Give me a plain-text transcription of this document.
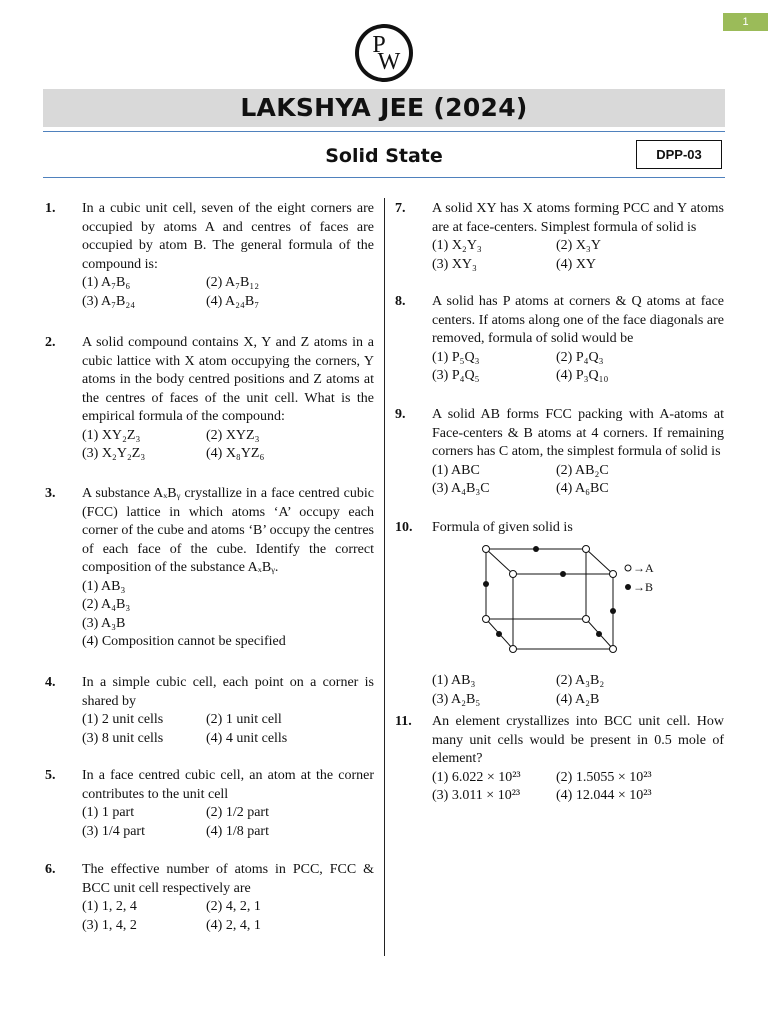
1
P
W
LAKSHYA JEE (2024)
Solid State	DPP-03
1. In a cubic unit cell, seven of the eight corners are occupied by atoms A and centres of faces are occupied by atom B. The general formula of the compound is:
(1) A₇B₆	(2) A₇B₁₂
(3) A₇B₂₄	(4) A₂₄B₇
2. A solid compound contains X, Y and Z atoms in a cubic lattice with X atom occupying the corners, Y atoms in the body centred positions and Z atoms at the centres of faces of the unit cell. What is the empirical formula of the compound:
(1) XY₂Z₃	(2) XYZ₃
(3) X₂Y₂Z₃	(4) X₈YZ₆
3. A substance AₓBᵧ crystallize in a face centred cubic (FCC) lattice in which atoms ‘A’ occupy each corner of the cube and atoms ‘B’ occupy the centres of each face of the cube. Identify the correct composition of the substance AₓBᵧ.
(1) AB₃
(2) A₄B₃
(3) A₃B
(4) Composition cannot be specified
4. In a simple cubic cell, each point on a corner is shared by
(1) 2 unit cells	(2) 1 unit cell
(3) 8 unit cells	(4) 4 unit cells
5. In a face centred cubic cell, an atom at the corner contributes to the unit cell
(1) 1 part	(2) 1/2 part
(3) 1/4 part	(4) 1/8 part
6. The effective number of atoms in PCC, FCC & BCC unit cell respectively are
(1) 1, 2, 4	(2) 4, 2, 1
(3) 1, 4, 2	(4) 2, 4, 1
7. A solid XY has X atoms forming PCC and Y atoms are at face-centers. Simplest formula of solid is
(1) X₂Y₃	(2) X₃Y
(3) XY₃	(4) XY
8. A solid has P atoms at corners & Q atoms at face centers. If atoms along one of the face diagonals are removed, formula of solid would be
(1) P₅Q₃	(2) P₄Q₃
(3) P₄Q₅	(4) P₃Q₁₀
9. A solid AB forms FCC packing with A-atoms at Face-centers & B atoms at 4 corners. If remaining corners has C atom, the simplest formula of solid is
(1) ABC	(2) AB₂C
(3) A₄B₃C	(4) A₆BC
10. Formula of given solid is
→ A
→ B
(1) AB₃	(2) A₃B₂
(3) A₂B₅	(4) A₂B
11. An element crystallizes into BCC unit cell. How many unit cells would be present in 0.5 mole of element?
(1) 6.022 × 10²³	(2) 1.5055 × 10²³
(3) 3.011 × 10²³	(4) 12.044 × 10²³
